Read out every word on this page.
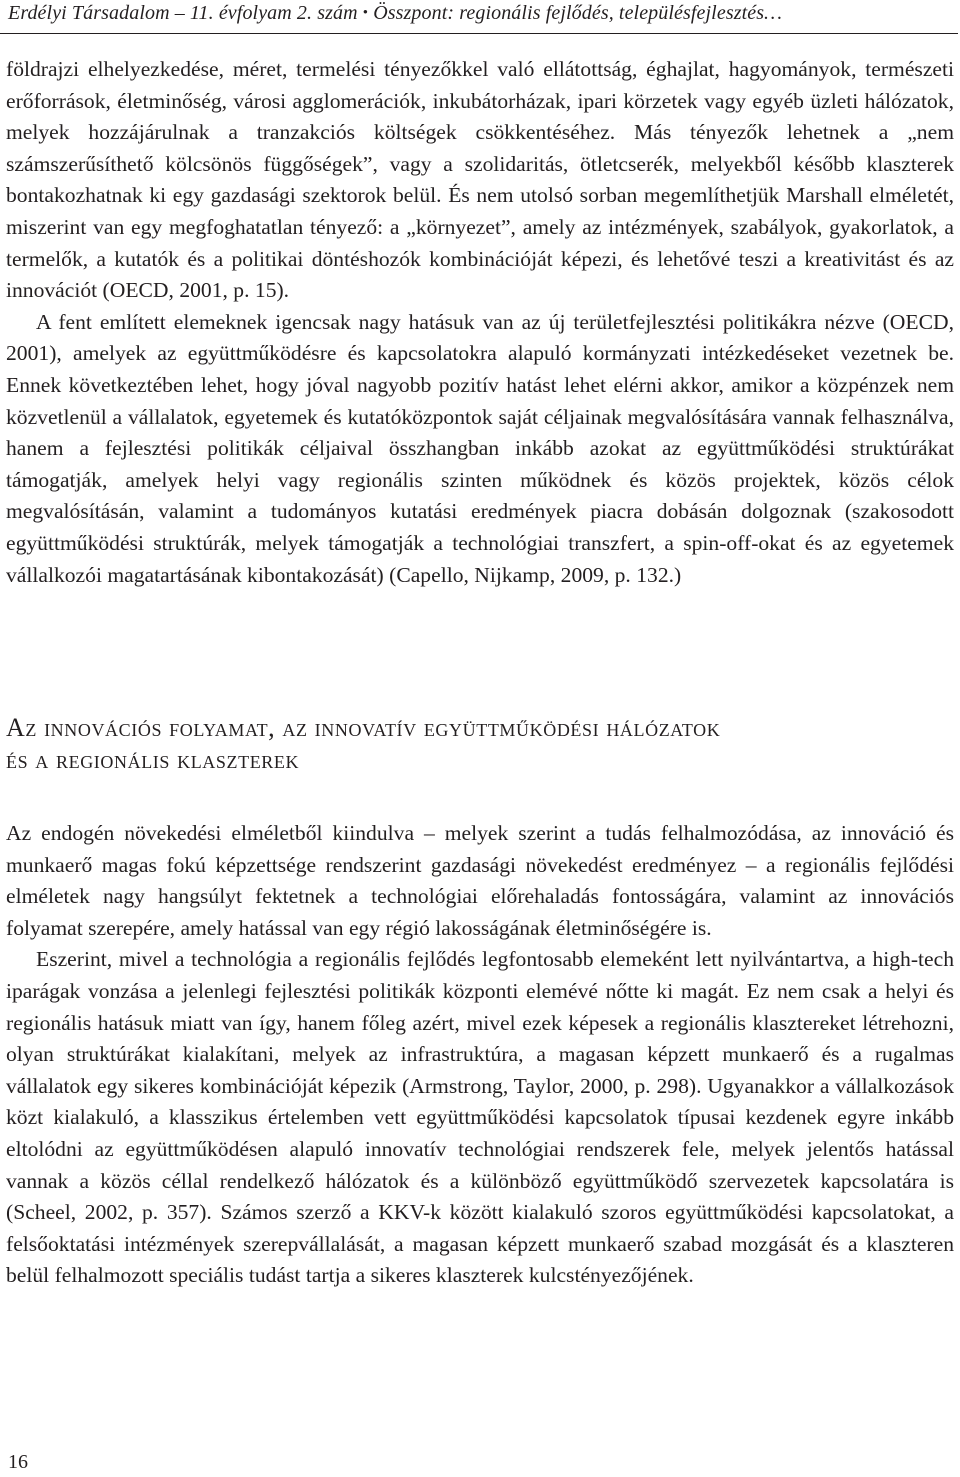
Erdélyi Társadalom – 11. évfolyam 2. szám • Összpont: regionális fejlődés, településfejlesztés…

földrajzi elhelyezkedése, méret, termelési tényezőkkel való ellátottság, éghajlat, hagyományok, természeti erőforrások, életminőség, városi agglomerációk, inkubátorházak, ipari körzetek vagy egyéb üzleti hálózatok, melyek hozzájárulnak a tranzakciós költségek csökkentéséhez. Más tényezők lehetnek a „nem számszerűsíthető kölcsönös függőségek”, vagy a szolidaritás, ötletcserék, melyekből később klaszterek bontakozhatnak ki egy gazdasági szektorok belül. És nem utolsó sorban megemlíthetjük Marshall elméletét, miszerint van egy megfoghatatlan tényező: a „környezet”, amely az intézmények, szabályok, gyakorlatok, a termelők, a kutatók és a politikai döntéshozók kombinációját képezi, és lehetővé teszi a kreativitást és az innovációt (OECD, 2001, p. 15).

A fent említett elemeknek igencsak nagy hatásuk van az új területfejlesztési politikákra nézve (OECD, 2001), amelyek az együttműködésre és kapcsolatokra alapuló kormányzati intézkedéseket vezetnek be. Ennek következtében lehet, hogy jóval nagyobb pozitív hatást lehet elérni akkor, amikor a közpénzek nem közvetlenül a vállalatok, egyetemek és kutatóközpontok saját céljainak megvalósítására vannak felhasználva, hanem a fejlesztési politikák céljaival összhangban inkább azokat az együttműködési struktúrákat támogatják, amelyek helyi vagy regionális szinten működnek és közös projektek, közös célok megvalósításán, valamint a tudományos kutatási eredmények piacra dobásán dolgoznak (szakosodott együttműködési struktúrák, melyek támogatják a technológiai transzfert, a spin-off-okat és az egyetemek vállalkozói magatartásának kibontakozását) (Capello, Nijkamp, 2009, p. 132.)

Az innovációs folyamat, az innovatív együttműködési hálózatok
és a regionális klaszterek

Az endogén növekedési elméletből kiindulva – melyek szerint a tudás felhalmozódása, az innováció és munkaerő magas fokú képzettsége rendszerint gazdasági növekedést eredményez – a regionális fejlődési elméletek nagy hangsúlyt fektetnek a technológiai előrehaladás fontosságára, valamint az innovációs folyamat szerepére, amely hatással van egy régió lakosságának életminőségére is.

Eszerint, mivel a technológia a regionális fejlődés legfontosabb elemeként lett nyilvántartva, a high-tech iparágak vonzása a jelenlegi fejlesztési politikák központi elemévé nőtte ki magát. Ez nem csak a helyi és regionális hatásuk miatt van így, hanem főleg azért, mivel ezek képesek a regionális klasztereket létrehozni, olyan struktúrákat kialakítani, melyek az infrastruktúra, a magasan képzett munkaerő és a rugalmas vállalatok egy sikeres kombinációját képezik (Armstrong, Taylor, 2000, p. 298). Ugyanakkor a vállalkozások közt kialakuló, a klasszikus értelemben vett együttműködési kapcsolatok típusai kezdenek egyre inkább eltolódni az együttműködésen alapuló innovatív technológiai rendszerek fele, melyek jelentős hatással vannak a közös céllal rendelkező hálózatok és a különböző együttműködő szervezetek kapcsolatára is (Scheel, 2002, p. 357). Számos szerző a KKV-k között kialakuló szoros együttműködési kapcsolatokat, a felsőoktatási intézmények szerepvállalását, a magasan képzett munkaerő szabad mozgását és a klaszteren belül felhalmozott speciális tudást tartja a sikeres klaszterek kulcstényezőjének.

16
